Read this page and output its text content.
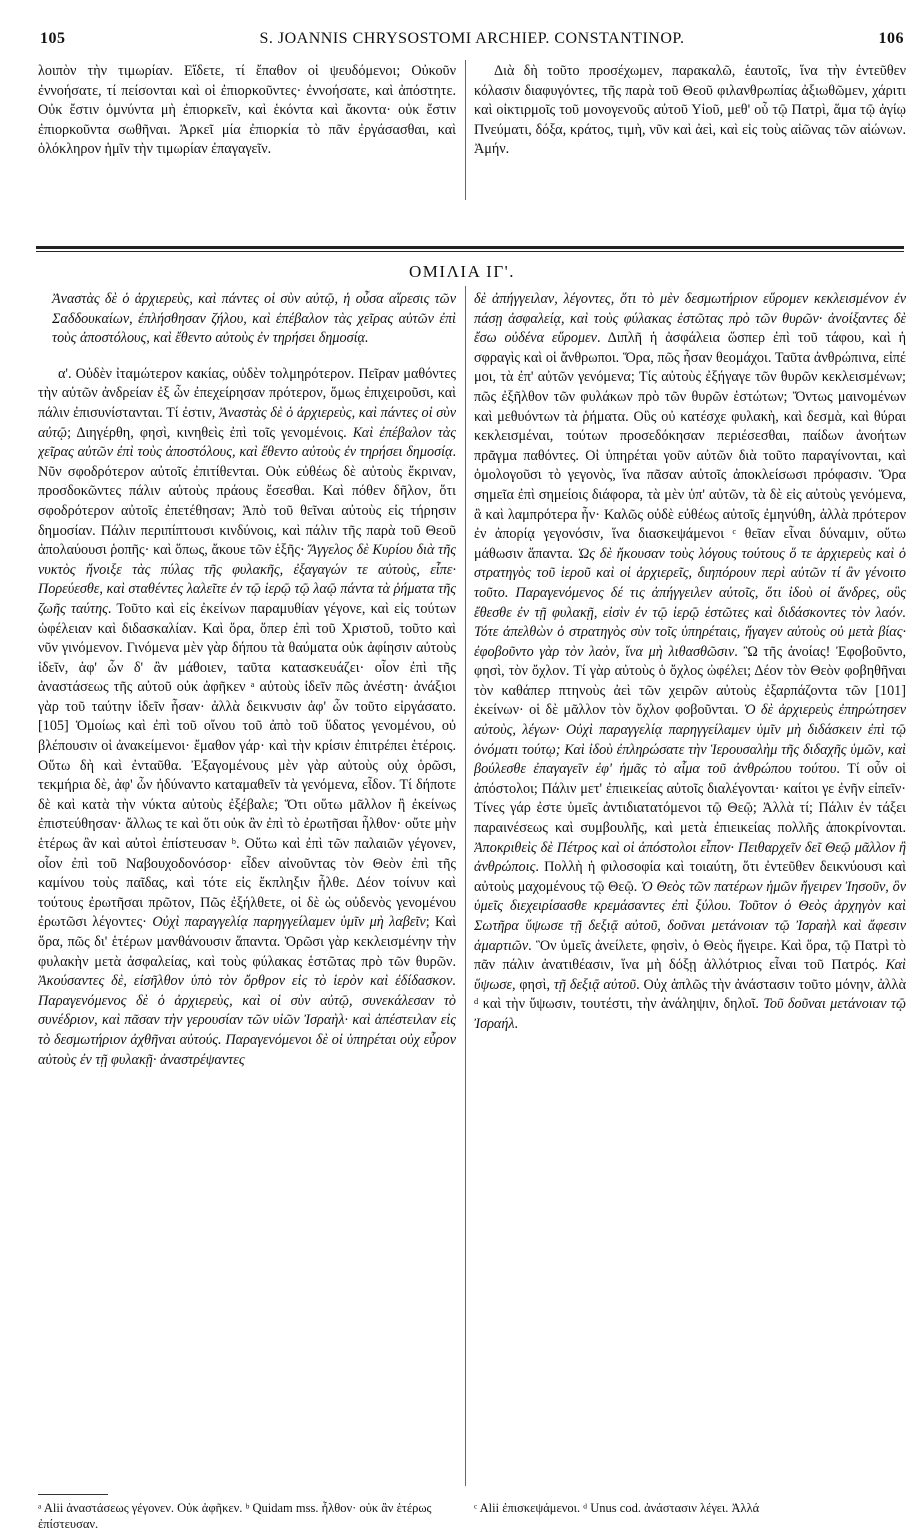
105	S. JOANNIS CHRYSOSTOMI ARCHIEP. CONSTANTINOP.	106

λοιπὸν τὴν τιμωρίαν. Εἴδετε, τί ἔπαθον οἱ ψευδόμενοι; Οὐκοῦν ἐννοήσατε, τί πείσονται καὶ οἱ ἐπιορκοῦντες· ἐννοήσατε, καὶ ἀπόστητε. Οὐκ ἔστιν ὀμνύντα μὴ ἐπιορκεῖν, καὶ ἑκόντα καὶ ἄκοντα· οὐκ ἔστιν ἐπιορκοῦντα σωθῆναι. Ἀρκεῖ μία ἐπιορκία τὸ πᾶν ἐργάσασθαι, καὶ ὁλόκληρον ἡμῖν τὴν τιμωρίαν ἐπαγαγεῖν.

Διὰ δὴ τοῦτο προσέχωμεν, παρακαλῶ, ἑαυτοῖς, ἵνα τὴν ἐντεῦθεν κόλασιν διαφυγόντες, τῆς παρὰ τοῦ Θεοῦ φιλανθρωπίας ἀξιωθῶμεν, χάριτι καὶ οἰκτιρμοῖς τοῦ μονογενοῦς αὐτοῦ Υἱοῦ, μεθ' οὗ τῷ Πατρὶ, ἅμα τῷ ἁγίῳ Πνεύματι, δόξα, κράτος, τιμὴ, νῦν καὶ ἀεὶ, καὶ εἰς τοὺς αἰῶνας τῶν αἰώνων. Ἀμήν.

ΟΜΙΛΙΑ ΙΓ'.

Ἀναστὰς δὲ ὁ ἀρχιερεὺς, καὶ πάντες οἱ σὺν αὐτῷ, ἡ οὖσα αἵρεσις τῶν Σαδδουκαίων, ἐπλήσθησαν ζήλου, καὶ ἐπέβαλον τὰς χεῖρας αὐτῶν ἐπὶ τοὺς ἀποστόλους, καὶ ἔθεντο αὐτοὺς ἐν τηρήσει δημοσίᾳ.

α'. Οὐδὲν ἰταμώτερον κακίας, οὐδὲν τολμηρότερον. Πεῖραν μαθόντες τὴν αὐτῶν ἀνδρείαν ἐξ ὧν ἐπεχείρησαν πρότερον, ὅμως ἐπιχειροῦσι, καὶ πάλιν ἐπισυνίστανται. Τί ἐστιν, Ἀναστὰς δὲ ὁ ἀρχιερεὺς, καὶ πάντες οἱ σὺν αὐτῷ; Διηγέρθη, φησὶ, κινηθεὶς ἐπὶ τοῖς γενομένοις. Καὶ ἐπέβαλον τὰς χεῖρας αὐτῶν ἐπὶ τοὺς ἀποστόλους, καὶ ἔθεντο αὐτοὺς ἐν τηρήσει δημοσίᾳ. Νῦν σφοδρότερον αὐτοῖς ἐπιτίθενται. Οὐκ εὐθέως δὲ αὐτοὺς ἔκριναν, προσδοκῶντες πάλιν αὐτοὺς πράους ἔσεσθαι. Καὶ πόθεν δῆλον, ὅτι σφοδρότερον αὐτοῖς ἐπετέθησαν; Ἀπὸ τοῦ θεῖναι αὐτοὺς εἰς τήρησιν δημοσίαν. Πάλιν περιπίπτουσι κινδύνοις, καὶ πάλιν τῆς παρὰ τοῦ Θεοῦ ἀπολαύουσι ῥοπῆς· καὶ ὅπως, ἄκουε τῶν ἑξῆς· Ἄγγελος δὲ Κυρίου διὰ τῆς νυκτὸς ἤνοιξε τὰς πύλας τῆς φυλακῆς, ἐξαγαγών τε αὐτοὺς, εἶπε· Πορεύεσθε, καὶ σταθέντες λαλεῖτε ἐν τῷ ἱερῷ τῷ λαῷ πάντα τὰ ῥήματα τῆς ζωῆς ταύτης. Τοῦτο καὶ εἰς ἐκείνων παραμυθίαν γέγονε, καὶ εἰς τούτων ὠφέλειαν καὶ διδασκαλίαν. Καὶ ὅρα, ὅπερ ἐπὶ τοῦ Χριστοῦ, τοῦτο καὶ νῦν γινόμενον. Γινόμενα μὲν γὰρ δήπου τὰ θαύματα οὐκ ἀφίησιν αὐτοὺς ἰδεῖν, ἀφ' ὧν δ' ἂν μάθοιεν, ταῦτα κατασκευάζει· οἷον ἐπὶ τῆς ἀναστάσεως τῆς αὐτοῦ οὐκ ἀφῆκεν ᵃ αὐτοὺς ἰδεῖν πῶς ἀνέστη· ἀνάξιοι γὰρ τοῦ ταύτην ἰδεῖν ἦσαν· ἀλλὰ δεικνυσιν ἀφ' ὧν τοῦτο εἰργάσατο. [105] Ὁμοίως καὶ ἐπὶ τοῦ οἴνου τοῦ ἀπὸ τοῦ ὕδατος γενομένου, οὐ βλέπουσιν οἱ ἀνακείμενοι· ἔμαθον γάρ· καὶ τὴν κρίσιν ἐπιτρέπει ἑτέροις. Οὕτω δὴ καὶ ἐνταῦθα. Ἐξαγομένους μὲν γὰρ αὐτοὺς οὐχ ὁρῶσι, τεκμήρια δὲ, ἀφ' ὧν ἠδύναντο καταμαθεῖν τὰ γενόμενα, εἶδον. Τί δήποτε δὲ καὶ κατὰ τὴν νύκτα αὐτοὺς ἐξέβαλε; Ὅτι οὕτω μᾶλλον ἢ ἐκείνως ἐπιστεύθησαν· ἄλλως τε καὶ ὅτι οὐκ ἂν ἐπὶ τὸ ἐρωτῆσαι ἦλθον· οὔτε μὴν ἑτέρως ἂν καὶ αὐτοὶ ἐπίστευσαν ᵇ. Οὕτω καὶ ἐπὶ τῶν παλαιῶν γέγονεν, οἷον ἐπὶ τοῦ Ναβουχοδονόσορ· εἶδεν αἰνοῦντας τὸν Θεὸν ἐπὶ τῆς καμίνου τοὺς παῖδας, καὶ τότε εἰς ἔκπληξιν ἦλθε. Δέον τοίνυν καὶ τούτους ἐρωτῆσαι πρῶτον, Πῶς ἐξήλθετε, οἱ δὲ ὡς οὐδενὸς γενομένου ἐρωτῶσι λέγοντες· Οὐχὶ παραγγελίᾳ παρηγγείλαμεν ὑμῖν μὴ λαβεῖν; Καὶ ὅρα, πῶς δι' ἑτέρων μανθάνουσιν ἅπαντα. Ὁρῶσι γὰρ κεκλεισμένην τὴν φυλακὴν μετὰ ἀσφαλείας, καὶ τοὺς φύλακας ἑστῶτας πρὸ τῶν θυρῶν. Ἀκούσαντες δὲ, εἰσῆλθον ὑπὸ τὸν ὄρθρον εἰς τὸ ἱερὸν καὶ ἐδίδασκον. Παραγενόμενος δὲ ὁ ἀρχιερεὺς, καὶ οἱ σὺν αὐτῷ, συνεκάλεσαν τὸ συνέδριον, καὶ πᾶσαν τὴν γερουσίαν τῶν υἱῶν Ἰσραὴλ· καὶ ἀπέστειλαν εἰς τὸ δεσμωτήριον ἀχθῆναι αὐτούς. Παραγενόμενοι δὲ οἱ ὑπηρέται οὐχ εὗρον αὐτοὺς ἐν τῇ φυλακῇ· ἀναστρέψαντες

δὲ ἀπήγγειλαν, λέγοντες, ὅτι τὸ μὲν δεσμωτήριον εὕρομεν κεκλεισμένον ἐν πάσῃ ἀσφαλείᾳ, καὶ τοὺς φύλακας ἑστῶτας πρὸ τῶν θυρῶν· ἀνοίξαντες δὲ ἔσω οὐδένα εὕρομεν. Διπλῆ ἡ ἀσφάλεια ὥσπερ ἐπὶ τοῦ τάφου, καὶ ἡ σφραγὶς καὶ οἱ ἄνθρωποι. Ὅρα, πῶς ἦσαν θεομάχοι. Ταῦτα ἀνθρώπινα, εἰπέ μοι, τὰ ἐπ' αὐτῶν γενόμενα; Τίς αὐτοὺς ἐξήγαγε τῶν θυρῶν κεκλεισμένων; πῶς ἐξῆλθον τῶν φυλάκων πρὸ τῶν θυρῶν ἑστώτων; Ὄντως μαινομένων καὶ μεθυόντων τὰ ῥήματα. Οὓς οὐ κατέσχε φυλακὴ, καὶ δεσμὰ, καὶ θύραι κεκλεισμέναι, τούτων προσεδόκησαν περιέσεσθαι, παίδων ἀνοήτων πρᾶγμα παθόντες. Οἱ ὑπηρέται γοῦν αὐτῶν διὰ τοῦτο παραγίνονται, καὶ ὁμολογοῦσι τὸ γεγονὸς, ἵνα πᾶσαν αὐτοῖς ἀποκλείσωσι πρόφασιν. Ὅρα σημεῖα ἐπὶ σημείοις διάφορα, τὰ μὲν ὑπ' αὐτῶν, τὰ δὲ εἰς αὐτοὺς γενόμενα, ἃ καὶ λαμπρότερα ἦν· Καλῶς οὐδὲ εὐθέως αὐτοῖς ἐμηνύθη, ἀλλὰ πρότερον ἐν ἀπορίᾳ γεγονόσιν, ἵνα διασκεψάμενοι ᶜ θεῖαν εἶναι δύναμιν, οὕτω μάθωσιν ἅπαντα. Ὡς δὲ ἤκουσαν τοὺς λόγους τούτους ὅ τε ἀρχιερεὺς καὶ ὁ στρατηγὸς τοῦ ἱεροῦ καὶ οἱ ἀρχιερεῖς, διηπόρουν περὶ αὐτῶν τί ἂν γένοιτο τοῦτο. Παραγενόμενος δέ τις ἀπήγγειλεν αὐτοῖς, ὅτι ἰδοὺ οἱ ἄνδρες, οὓς ἔθεσθε ἐν τῇ φυλακῇ, εἰσὶν ἐν τῷ ἱερῷ ἑστῶτες καὶ διδάσκοντες τὸν λαόν. Τότε ἀπελθὼν ὁ στρατηγὸς σὺν τοῖς ὑπηρέταις, ἤγαγεν αὐτοὺς οὐ μετὰ βίας· ἐφοβοῦντο γὰρ τὸν λαὸν, ἵνα μὴ λιθασθῶσιν. Ὢ τῆς ἀνοίας! Ἐφοβοῦντο, φησὶ, τὸν ὄχλον. Τί γὰρ αὐτοὺς ὁ ὄχλος ὠφέλει; Δέον τὸν Θεὸν φοβηθῆναι τὸν καθάπερ πτηνοὺς ἀεὶ τῶν χειρῶν αὐτοὺς ἐξαρπάζοντα τῶν [101] ἐκείνων· οἱ δὲ μᾶλλον τὸν ὄχλον φοβοῦνται. Ὁ δὲ ἀρχιερεὺς ἐπηρώτησεν αὐτοὺς, λέγων· Οὐχὶ παραγγελίᾳ παρηγγείλαμεν ὑμῖν μὴ διδάσκειν ἐπὶ τῷ ὀνόματι τούτῳ; Καὶ ἰδοὺ ἐπληρώσατε τὴν Ἱερουσαλὴμ τῆς διδαχῆς ὑμῶν, καὶ βούλεσθε ἐπαγαγεῖν ἐφ' ἡμᾶς τὸ αἷμα τοῦ ἀνθρώπου τούτου. Τί οὖν οἱ ἀπόστολοι; Πάλιν μετ' ἐπιεικείας αὐτοῖς διαλέγονται· καίτοι γε ἐνῆν εἰπεῖν· Τίνες γάρ ἐστε ὑμεῖς ἀντιδιατατόμενοι τῷ Θεῷ; Ἀλλὰ τί; Πάλιν ἐν τάξει παραινέσεως καὶ συμβουλῆς, καὶ μετὰ ἐπιεικείας πολλῆς ἀποκρίνονται. Ἀποκριθεὶς δὲ Πέτρος καὶ οἱ ἀπόστολοι εἶπον· Πειθαρχεῖν δεῖ Θεῷ μᾶλλον ἢ ἀνθρώποις. Πολλὴ ἡ φιλοσοφία καὶ τοιαύτη, ὅτι ἐντεῦθεν δεικνύουσι καὶ αὐτοὺς μαχομένους τῷ Θεῷ. Ὁ Θεὸς τῶν πατέρων ἡμῶν ἤγειρεν Ἰησοῦν, ὃν ὑμεῖς διεχειρίσασθε κρεμάσαντες ἐπὶ ξύλου. Τοῦτον ὁ Θεὸς ἀρχηγὸν καὶ Σωτῆρα ὕψωσε τῇ δεξιᾷ αὐτοῦ, δοῦναι μετάνοιαν τῷ Ἰσραὴλ καὶ ἄφεσιν ἁμαρτιῶν. Ὃν ὑμεῖς ἀνείλετε, φησὶν, ὁ Θεὸς ἤγειρε. Καὶ ὅρα, τῷ Πατρὶ τὸ πᾶν πάλιν ἀνατιθέασιν, ἵνα μὴ δόξῃ ἀλλότριος εἶναι τοῦ Πατρός. Καὶ ὕψωσε, φησὶ, τῇ δεξιᾷ αὐτοῦ. Οὐχ ἁπλῶς τὴν ἀνάστασιν τοῦτο μόνην, ἀλλὰ ᵈ καὶ τὴν ὕψωσιν, τουτέστι, τὴν ἀνάληψιν, δηλοῖ. Τοῦ δοῦναι μετάνοιαν τῷ Ἰσραήλ.

ᵃ Alii ἀναστάσεως γέγονεν. Οὐκ ἀφῆκεν. ᵇ Quidam mss. ἦλθον· οὐκ ἂν ἑτέρως ἐπίστευσαν.
ᶜ Alii ἐπισκεψάμενοι. ᵈ Unus cod. ἀνάστασιν λέγει. Ἀλλά
